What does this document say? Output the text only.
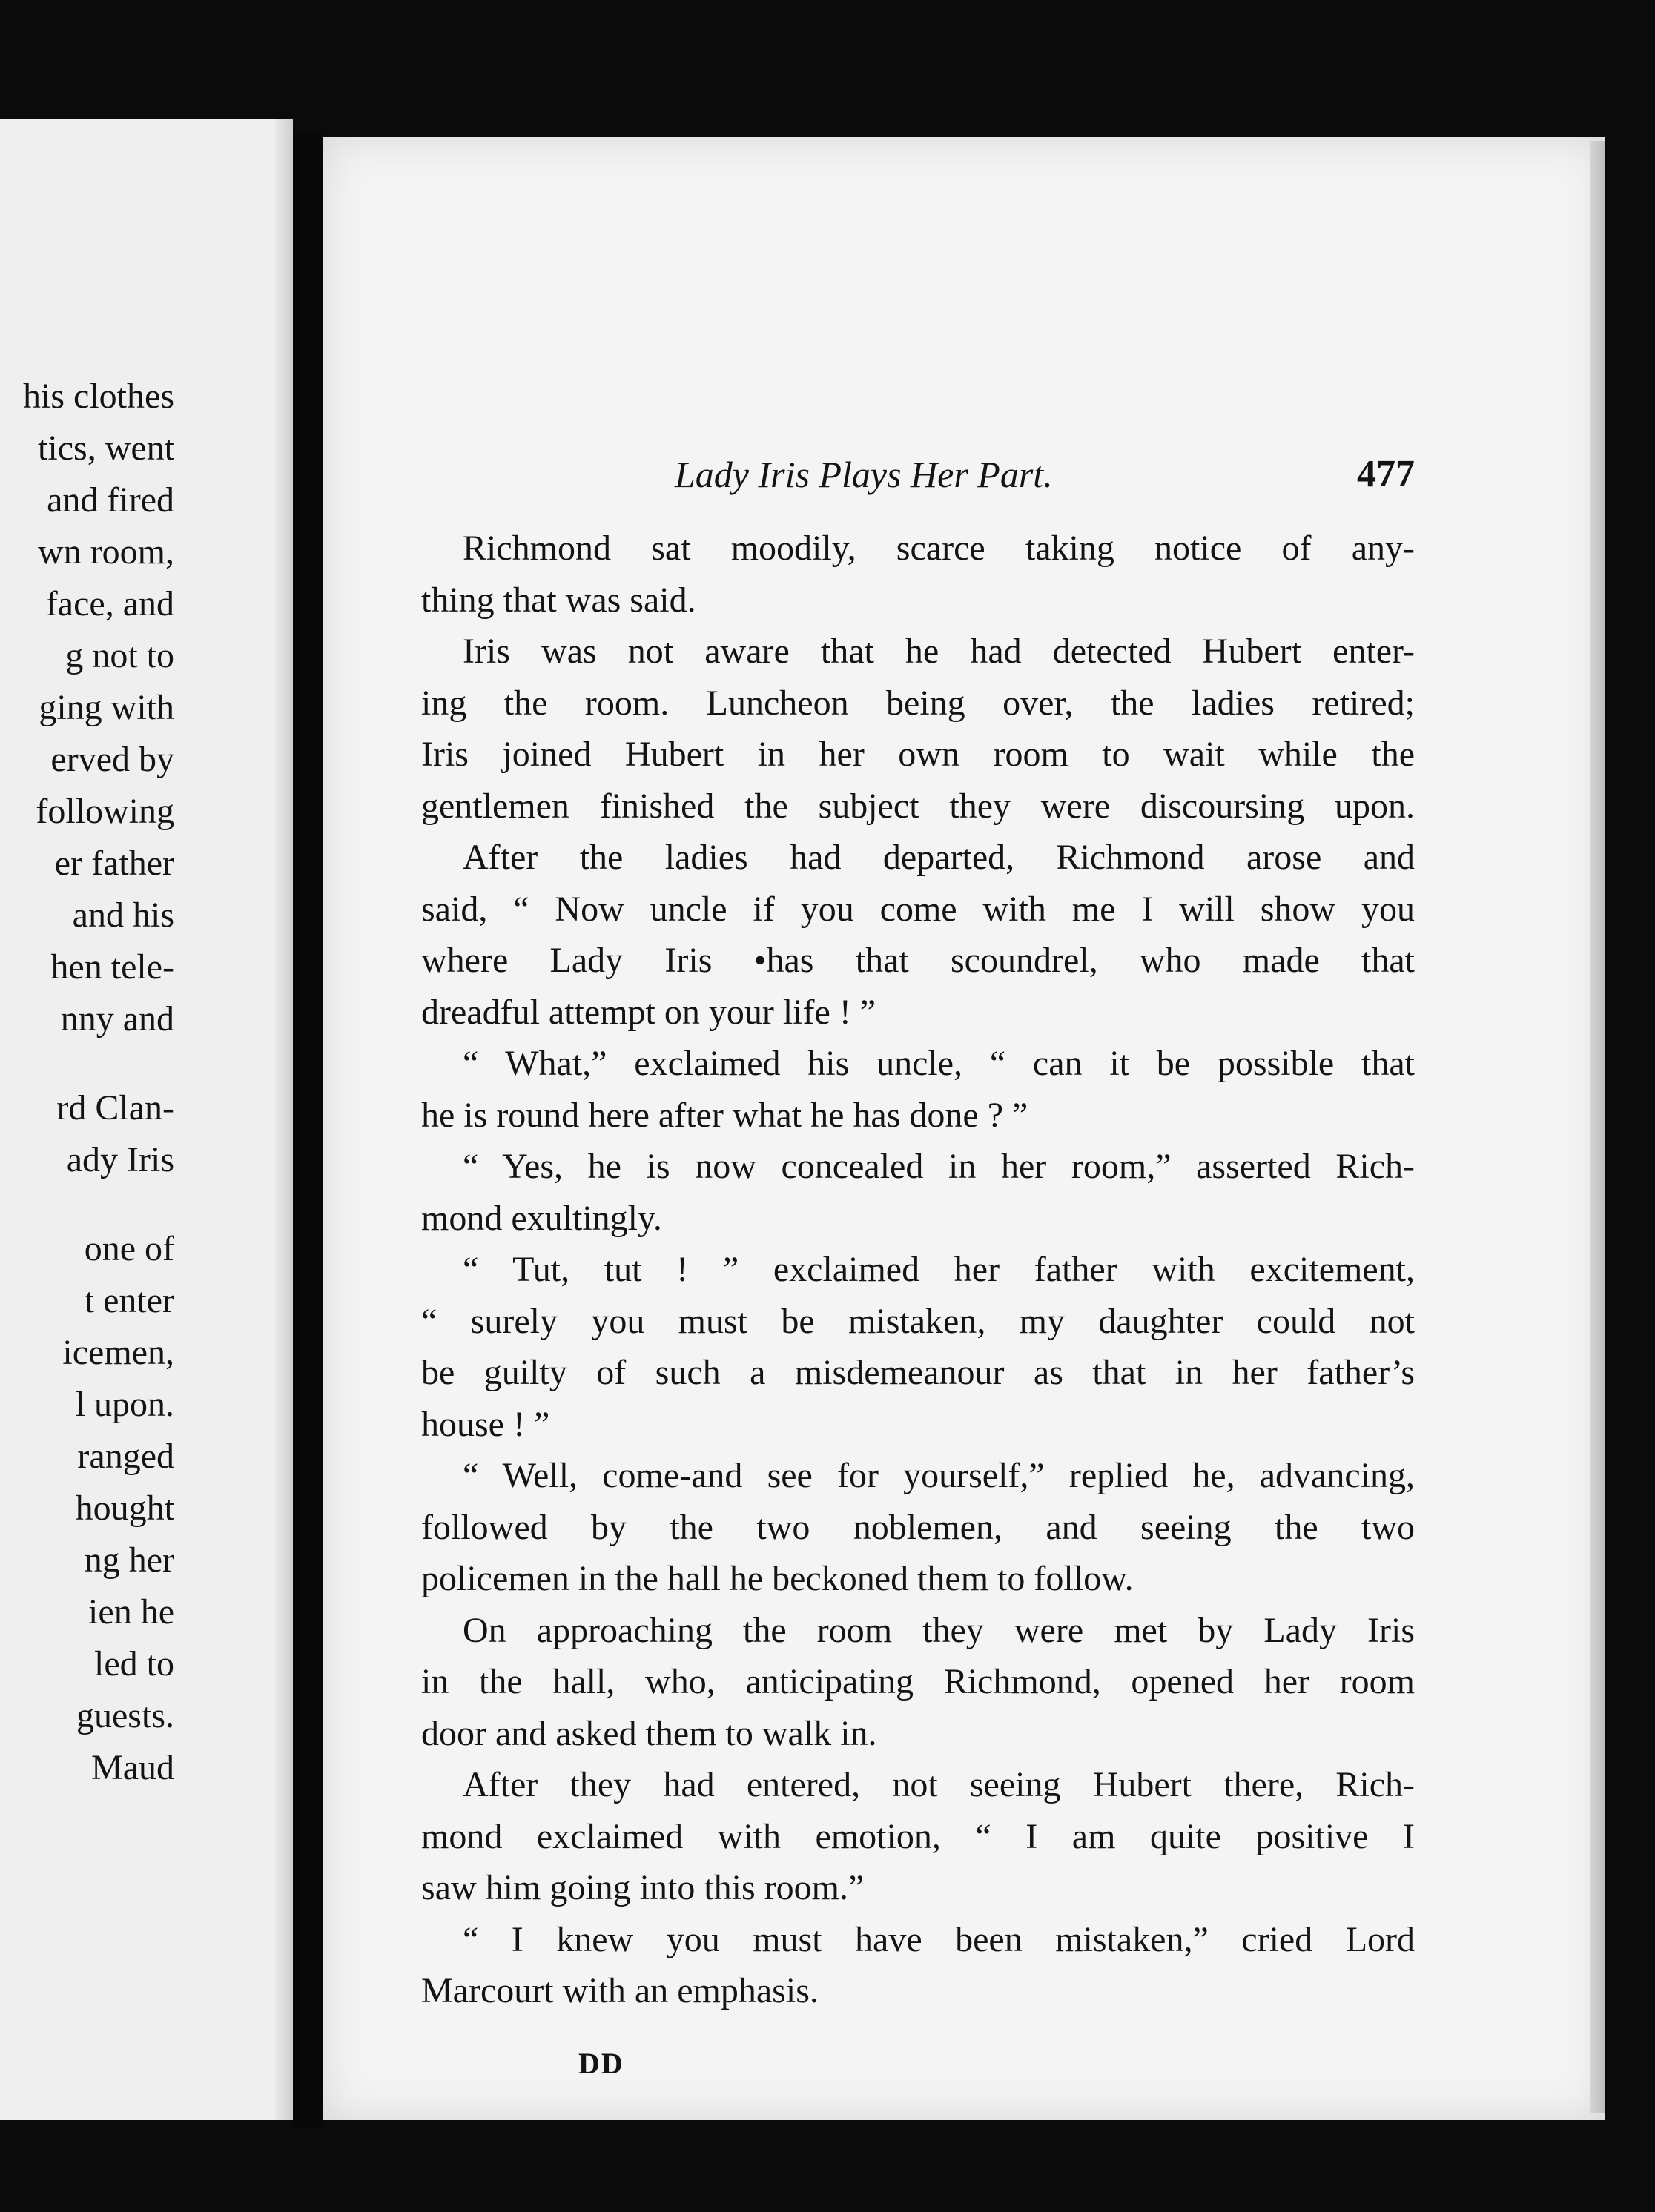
his clothes
tics, went
and fired
wn room,
face, and
g not to
ging with
erved by
following
er father
and his
hen tele-
nny and
rd Clan-
ady Iris
one of
t enter
icemen,
l upon.
ranged
hought
ng her
ien he
led to
guests.
Maud
Lady Iris Plays Her Part.	477
Richmond sat moodily, scarce taking notice of any-
thing that was said.
Iris was not aware that he had detected Hubert enter-
ing the room. Luncheon being over, the ladies retired;
Iris joined Hubert in her own room to wait while the
gentlemen finished the subject they were discoursing upon.
After the ladies had departed, Richmond arose and
said, “ Now uncle if you come with me I will show you
where Lady Iris •has that scoundrel, who made that
dreadful attempt on your life ! ”
“ What,” exclaimed his uncle, “ can it be possible that
he is round here after what he has done ? ”
“ Yes, he is now concealed in her room,” asserted Rich-
mond exultingly.
“ Tut, tut ! ” exclaimed her father with excitement,
“ surely you must be mistaken, my daughter could not
be guilty of such a misdemeanour as that in her father’s
house ! ”
“ Well, come-and see for yourself,” replied he, advancing,
followed by the two noblemen, and seeing the two
policemen in the hall he beckoned them to follow.
On approaching the room they were met by Lady Iris
in the hall, who, anticipating Richmond, opened her room
door and asked them to walk in.
After they had entered, not seeing Hubert there, Rich-
mond exclaimed with emotion, “ I am quite positive I
saw him going into this room.”
“ I knew you must have been mistaken,” cried Lord
Marcourt with an emphasis.
DD
